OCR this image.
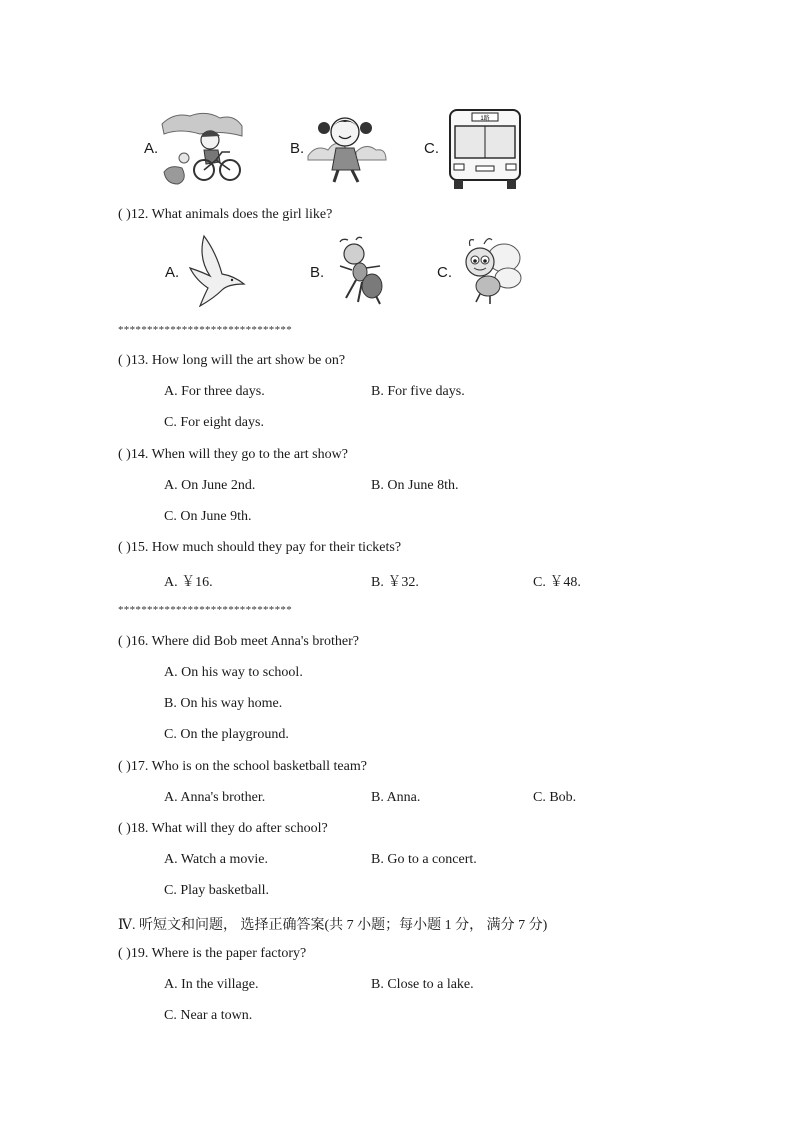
A.	B.	C.
1路
( )12. What animals does the girl like?
A.	B.	C.
******************************
( )13. How long will the art show be on?
A. For three days.	B. For five days.
C. For eight days.
( )14. When will they go to the art show?
A. On June 2nd.	B. On June 8th.
C. On June 9th.
( )15. How much should they pay for their tickets?
A. ￥16.	B. ￥32.	C. ￥48.
******************************
( )16. Where did Bob meet Anna's brother?
A. On his way to school.
B. On his way home.
C. On the playground.
( )17. Who is on the school basketball team?
A. Anna's brother.	B. Anna.	C. Bob.
( )18. What will they do after school?
A. Watch a movie.	B. Go to a concert.
C. Play basketball.
Ⅳ. 听短文和问题， 选择正确答案(共 7 小题；每小题 1 分， 满分 7 分)
( )19. Where is the paper factory?
A. In the village.	B. Close to a lake.
C. Near a town.
